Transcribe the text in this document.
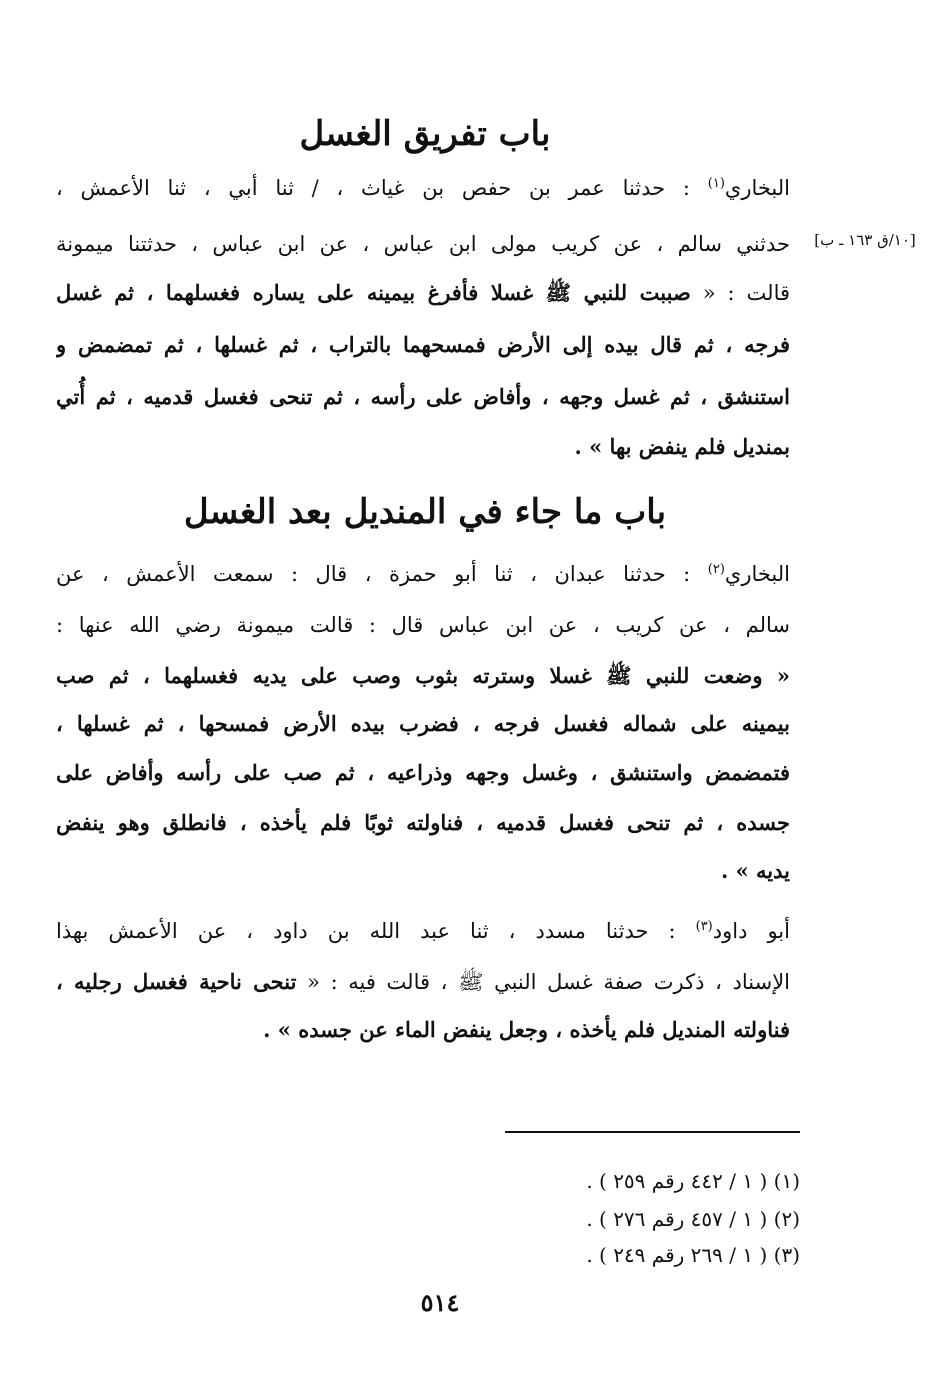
[١٠/ق ١٦٣ ـ ب]
باب تفريق الغسل
البخاري$^{(١)}$ : حدثنا عمر بن حفص بن غياث ، / ثنا أبي ، ثنا الأعمش ،
حدثني سالم ، عن كريب مولى ابن عباس ، عن ابن عباس ، حدثتنا ميمونة
قالت : « صببت للنبي ﷺ غسلا فأفرغ بيمينه على يساره فغسلهما ، ثم غسل
فرجه ، ثم قال بيده إلى الأرض فمسحهما بالتراب ، ثم غسلها ، ثم تمضمض و
استنشق ، ثم غسل وجهه ، وأفاض على رأسه ، ثم تنحى فغسل قدميه ، ثم أُتي
بمنديل فلم ينفض بها » .
باب ما جاء في المنديل بعد الغسل
البخاري$^{(٢)}$ : حدثنا عبدان ، ثنا أبو حمزة ، قال : سمعت الأعمش ، عن
سالم ، عن كريب ، عن ابن عباس قال : قالت ميمونة رضي الله عنها :
« وضعت للنبي ﷺ غسلا وسترته بثوب وصب على يديه فغسلهما ، ثم صب
بيمينه على شماله فغسل فرجه ، فضرب بيده الأرض فمسحها ، ثم غسلها ،
فتمضمض واستنشق ، وغسل وجهه وذراعيه ، ثم صب على رأسه وأفاض على
جسده ، ثم تنحى فغسل قدميه ، فناولته ثوبًا فلم يأخذه ، فانطلق وهو ينفض
يديه » .
أبو داود$^{(٣)}$ : حدثنا مسدد ، ثنا عبد الله بن داود ، عن الأعمش بهذا
الإسناد ، ذكرت صفة غسل النبي ﷺ ، قالت فيه : « تنحى ناحية فغسل رجليه ،
فناولته المنديل فلم يأخذه ، وجعل ينفض الماء عن جسده » .
(١) ( ١ / ٤٤٢ رقم ٢٥٩ ) .
(٢) ( ١ / ٤٥٧ رقم ٢٧٦ ) .
(٣) ( ١ / ٢٦٩ رقم ٢٤٩ ) .
٥١٤
